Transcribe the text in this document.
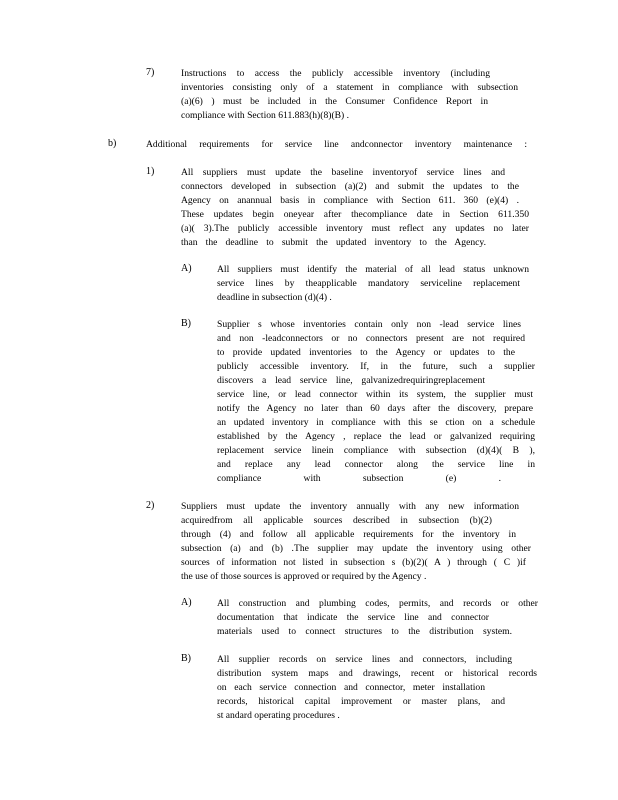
7)	Instructions to access the publicly accessible inventory (including
inventories consisting only of a statement in compliance with subsection
(a)(6) ) must be included in the Consumer Confidence Report in
compliance with Section 611.883(h)(8)(B) .
b)	Additional requirements for service line andconnector inventory maintenance :
1)	All suppliers must update the baseline inventoryof service lines and
connectors developed in subsection (a)(2) and submit the updates to the
Agency on anannual basis in compliance with Section 611. 360 (e)(4) .
These updates begin oneyear after thecompliance date in Section 611.350
(a)( 3).The publicly accessible inventory must reflect any updates no later
than the deadline to submit the updated inventory to the Agency.
A)	All suppliers must identify the material of all lead status unknown
service lines by theapplicable mandatory serviceline replacement
deadline in subsection (d)(4) .
B)	Supplier s whose inventories contain only non -lead service lines
and non -leadconnectors or no connectors present are not required
to provide updated inventories to the Agency or updates to the
publicly accessible inventory. If, in the future, such a supplier
discovers a lead service line, galvanizedrequiringreplacement
service line, or lead connector within its system, the supplier must
notify the Agency no later than 60 days after the discovery, prepare
an updated inventory in compliance with this se ction on a schedule
established by the Agency , replace the lead or galvanized requiring
replacement service linein compliance with subsection (d)(4)( B ),
and replace any lead connector along the service line in
compliance with subsection (e) .
2)	Suppliers must update the inventory annually with any new information
acquiredfrom all applicable sources described in subsection (b)(2)
through (4) and follow all applicable requirements for the inventory in
subsection (a) and (b) .The supplier may update the inventory using other
sources of information not listed in subsection s (b)(2)( A ) through ( C )if
the use of those sources is approved or required by the Agency .
A)	All construction and plumbing codes, permits, and records or other
documentation that indicate the service line and connector
materials used to connect structures to the distribution system.
B)	All supplier records on service lines and connectors, including
distribution system maps and drawings, recent or historical records
on each service connection and connector, meter installation
records, historical capital improvement or master plans, and
st andard operating procedures .
